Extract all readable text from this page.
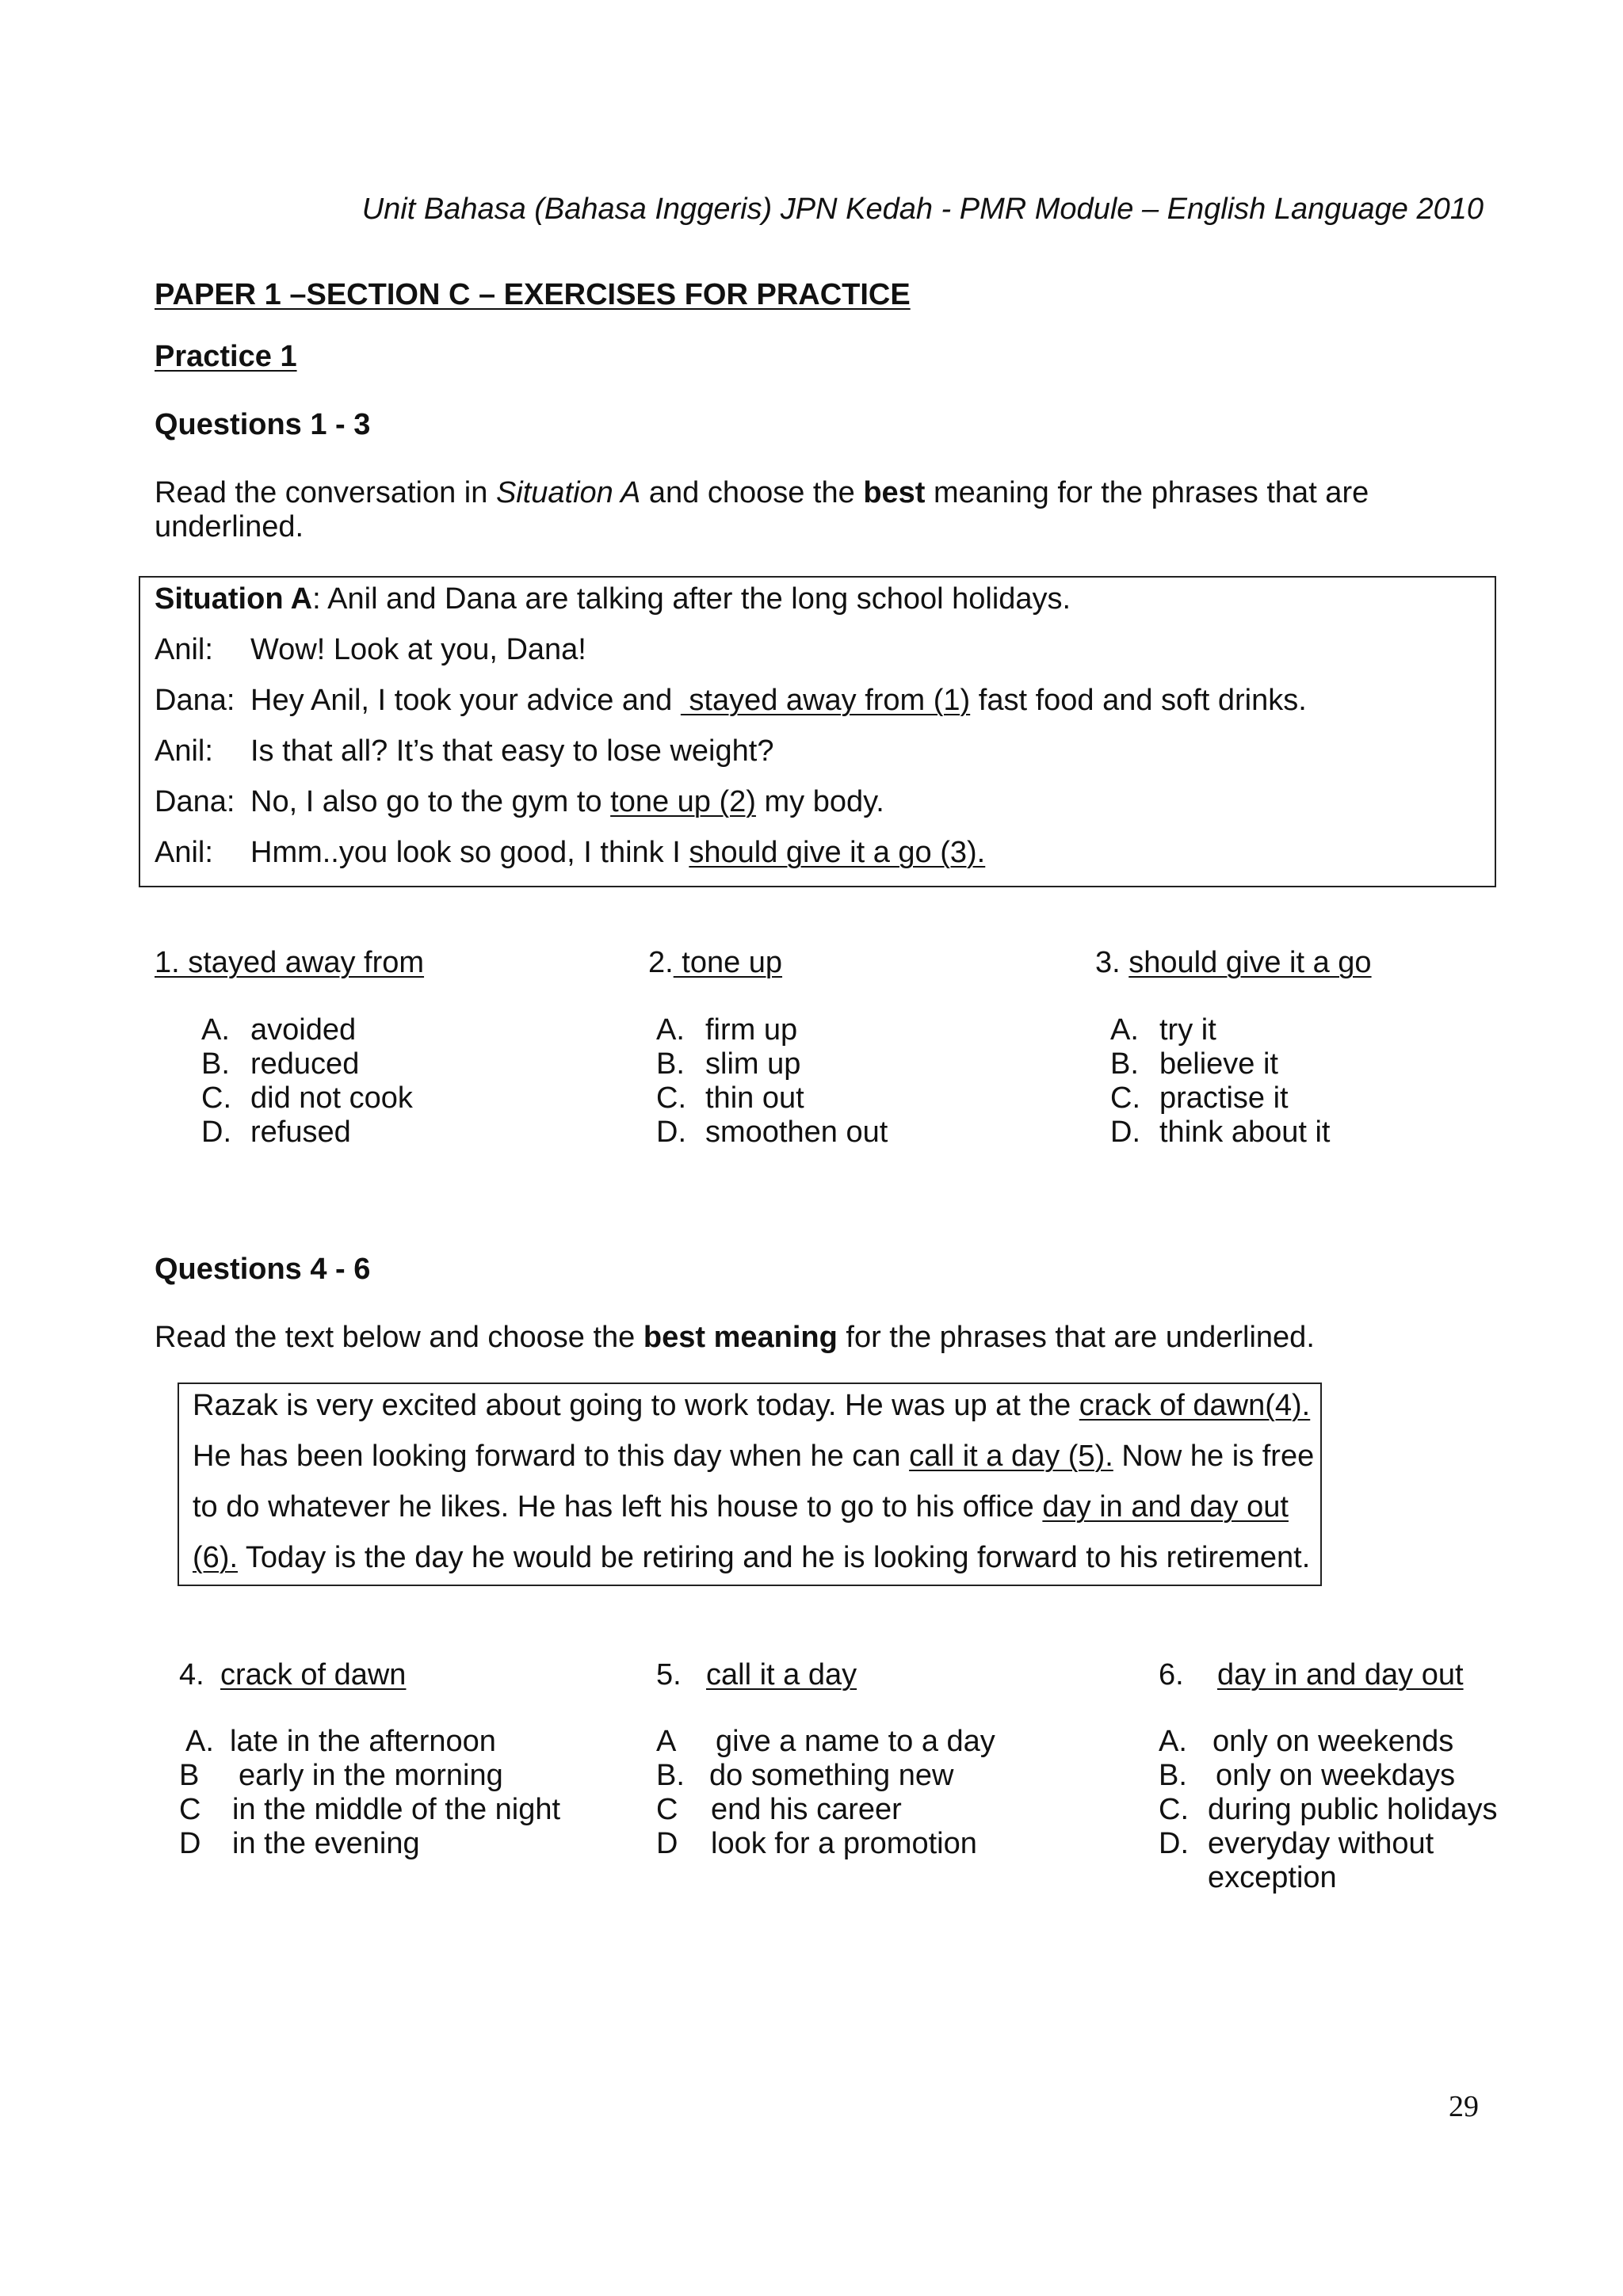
Unit Bahasa (Bahasa Inggeris) JPN Kedah - PMR Module – English Language 2010
PAPER 1 –SECTION C – EXERCISES FOR PRACTICE
Practice 1
Questions 1 - 3
Read the conversation in Situation A and choose the best meaning for the phrases that are
underlined.
Situation A: Anil and Dana are talking after the long school holidays.
Anil: Wow! Look at you, Dana!
Dana: Hey Anil, I took your advice and  stayed away from (1) fast food and soft drinks.
Anil: Is that all? It’s that easy to lose weight?
Dana: No, I also go to the gym to tone up (2) my body.
Anil: Hmm..you look so good, I think I should give it a go (3).
1. stayed away from
A. avoided
B. reduced
C. did not cook
D. refused
2. tone up
A. firm up
B. slim up
C. thin out
D. smoothen out
3. should give it a go
A. try it
B. believe it
C. practise it
D. think about it
Questions 4 - 6
Read the text below and choose the best meaning for the phrases that are underlined.
Razak is very excited about going to work today. He was up at the crack of dawn(4).
He has been looking forward to this day when he can call it a day (5). Now he is free
to do whatever he likes. He has left his house to go to his office day in and day out
(6). Today is the day he would be retiring and he is looking forward to his retirement.
4. crack of dawn
A. late in the afternoon
B early in the morning
C in the middle of the night
D in the evening
5. call it a day
A give a name to a day
B. do something new
C end his career
D look for a promotion
6. day in and day out
A. only on weekends
B. only on weekdays
C. during public holidays
D. everyday without
exception
29
